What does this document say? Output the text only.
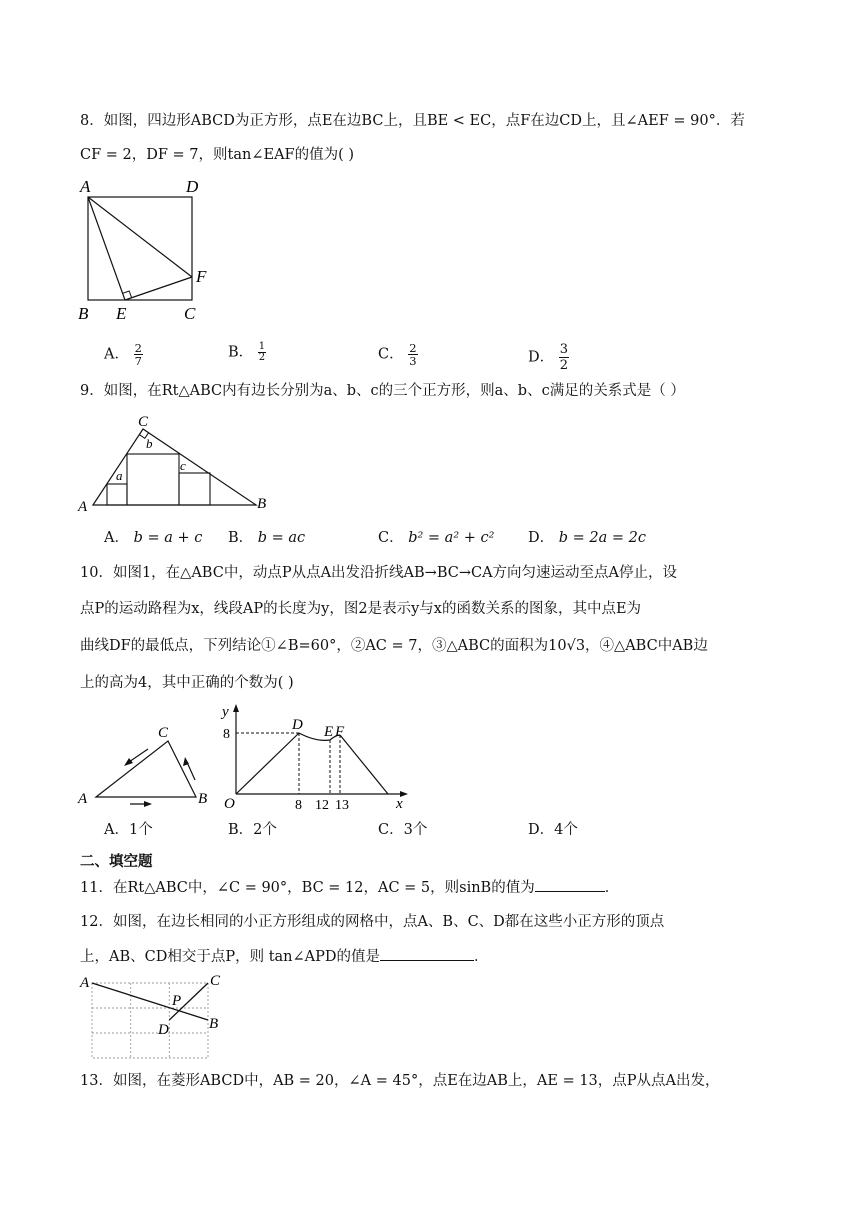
8．如图，四边形ABCD为正方形，点E在边BC上，且BE < EC，点F在边CD上，且∠AEF = 90°．若
CF = 2，DF = 7，则tan∠EAF的值为( )
A	D
F
B E	C
A． $\frac{2}{7}$	B． $\frac{1}{2}$	C． $\frac{2}{3}$	D． $\frac{3}{2}$
9．如图，在Rt△ABC内有边长分别为a、b、c的三个正方形，则a、b、c满足的关系式是（ ）
C
A	B
a
b
c
A． b = a + c B． b = ac	C． b² = a² + c² D． b = 2a = 2c
10．如图1，在△ABC中，动点P从点A出发沿折线AB→BC→CA方向匀速运动至点A停止，设
点P的运动路程为x，线段AP的长度为y，图2是表示y与x的函数关系的图象，其中点E为
曲线DF的最低点，下列结论①∠B=60°，②AC = 7，③△ABC的面积为10√3，④△ABC中AB边
上的高为4，其中正确的个数为( )
C
A	B
y
x
O
D E F
8
8 12 13
A．1个	B．2个	C．3个	D．4个
二、填空题
11．在Rt△ABC中，∠C = 90°，BC = 12，AC = 5，则sinB的值为	．
12．如图，在边长相同的小正方形组成的网格中，点A、B、C、D都在这些小正方形的顶点
上，AB、CD相交于点P，则 tan∠APD的值是	．
A	C
B
D
P
13．如图，在菱形ABCD中，AB = 20，∠A = 45°，点E在边AB上，AE = 13，点P从点A出发，
